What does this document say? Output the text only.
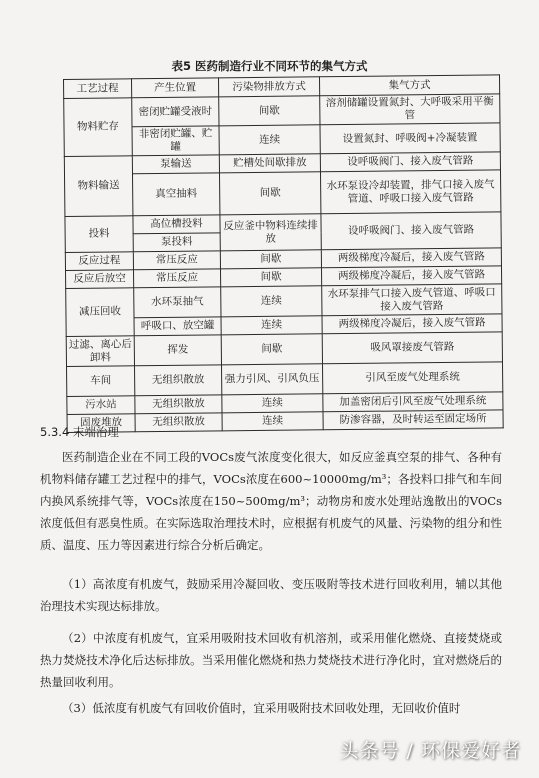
表5 医药制造行业不同环节的集气方式
工艺过程	产生位置	污染物排放方式	集气方式
物料贮存	密闭贮罐受液时	间歇	溶剂储罐设置氮封、大呼吸采用平衡管
	非密闭贮罐、贮罐	连续	设置氮封、呼吸阀+冷凝装置
物料输送	泵输送	贮槽处间歇排放	设呼吸阀门、接入废气管路
	真空抽料	间歇	水环泵设冷却装置，排气口接入废气管道、呼吸口接入废气管路
投料	高位槽投料	反应釜中物料连续排放	设呼吸阀门、接入废气管路
	泵投料		
反应过程	常压反应	间歇	两级梯度冷凝后，接入废气管路
反应后放空	常压反应	间歇	两级梯度冷凝后，接入废气管路
减压回收	水环泵抽气	连续	水环泵排气口接入废气管道、呼吸口接入废气管路
	呼吸口、放空罐	连续	两级梯度冷凝后，接入废气管路
过滤、离心后卸料	挥发	间歇	吸风罩接废气管路
车间	无组织散放	强力引风、引风负压	引风至废气处理系统
污水站	无组织散放	连续	加盖密闭后引风至废气处理系统
固废堆放	无组织散放	连续	防渗容器，及时转运至固定场所
5.3.4 末端治理
医药制造企业在不同工段的VOCs废气浓度变化很大，如反应釜真空泵的排气、各种有机物料储存罐工艺过程中的排气，VOCs浓度在600~10000mg/m³；各投料口排气和车间内换风系统排气等，VOCs浓度在150~500mg/m³；动物房和废水处理站逸散出的VOCs浓度低但有恶臭性质。在实际选取治理技术时，应根据有机废气的风量、污染物的组分和性质、温度、压力等因素进行综合分析后确定。
（1）高浓度有机废气，鼓励采用冷凝回收、变压吸附等技术进行回收利用，辅以其他治理技术实现达标排放。
（2）中浓度有机废气，宜采用吸附技术回收有机溶剂，或采用催化燃烧、直接焚烧或热力焚烧技术净化后达标排放。当采用催化燃烧和热力焚烧技术进行净化时，宜对燃烧后的热量回收利用。
（3）低浓度有机废气有回收价值时，宜采用吸附技术回收处理，无回收价值时
头条号 / 环保爱好者
